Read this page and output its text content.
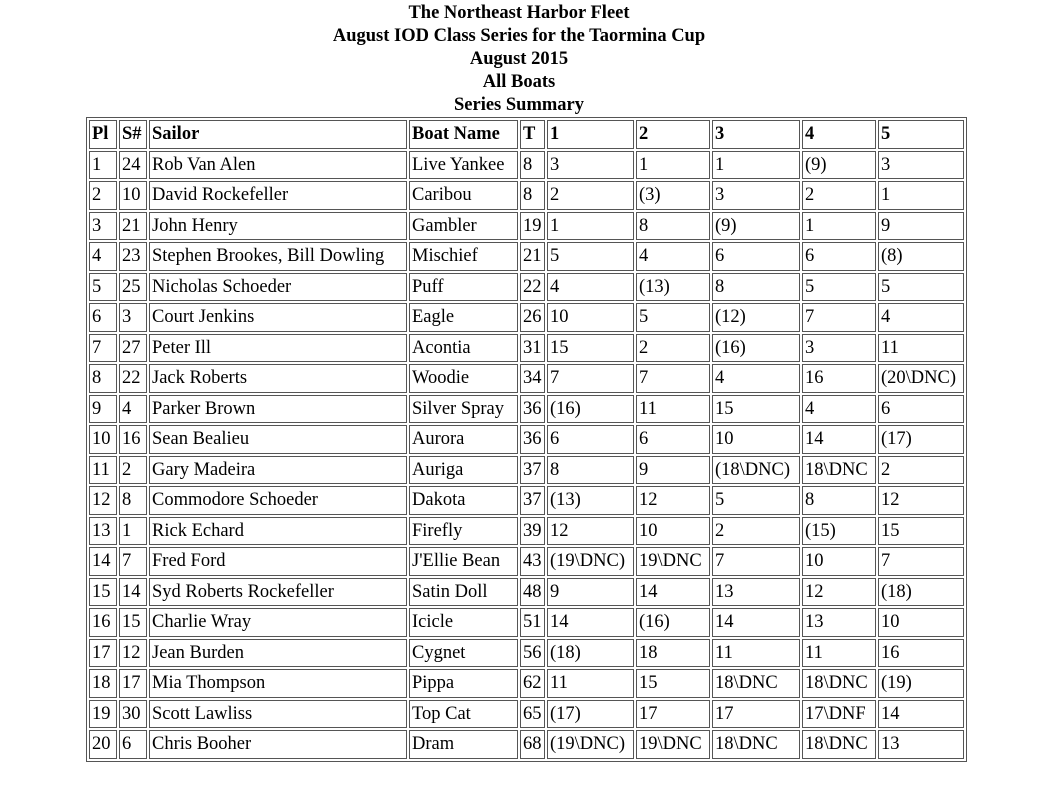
The Northeast Harbor Fleet

August IOD Class Series for the Taormina Cup

August 2015

All Boats

Series Summary

Pl	S#	Sailor	Boat Name	T	1	2	3	4	5
1	24	Rob Van Alen	Live Yankee	8	3	1	1	(9)	3
2	10	David Rockefeller	Caribou	8	2	(3)	3	2	1
3	21	John Henry	Gambler	19	1	8	(9)	1	9
4	23	Stephen Brookes, Bill Dowling	Mischief	21	5	4	6	6	(8)
5	25	Nicholas Schoeder	Puff	22	4	(13)	8	5	5
6	3	Court Jenkins	Eagle	26	10	5	(12)	7	4
7	27	Peter Ill	Acontia	31	15	2	(16)	3	11
8	22	Jack Roberts	Woodie	34	7	7	4	16	(20\DNC)
9	4	Parker Brown	Silver Spray	36	(16)	11	15	4	6
10	16	Sean Bealieu	Aurora	36	6	6	10	14	(17)
11	2	Gary Madeira	Auriga	37	8	9	(18\DNC)	18\DNC	2
12	8	Commodore Schoeder	Dakota	37	(13)	12	5	8	12
13	1	Rick Echard	Firefly	39	12	10	2	(15)	15
14	7	Fred Ford	J'Ellie Bean	43	(19\DNC)	19\DNC	7	10	7
15	14	Syd Roberts Rockefeller	Satin Doll	48	9	14	13	12	(18)
16	15	Charlie Wray	Icicle	51	14	(16)	14	13	10
17	12	Jean Burden	Cygnet	56	(18)	18	11	11	16
18	17	Mia Thompson	Pippa	62	11	15	18\DNC	18\DNC	(19)
19	30	Scott Lawliss	Top Cat	65	(17)	17	17	17\DNF	14
20	6	Chris Booher	Dram	68	(19\DNC)	19\DNC	18\DNC	18\DNC	13
